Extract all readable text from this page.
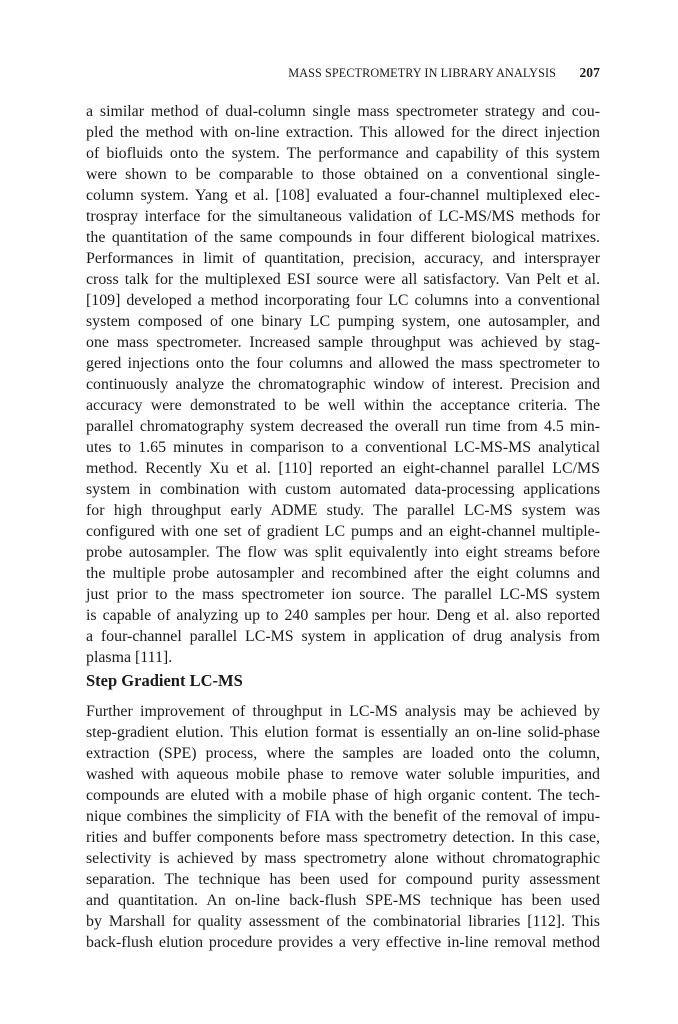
MASS SPECTROMETRY IN LIBRARY ANALYSIS 207
a similar method of dual-column single mass spectrometer strategy and cou-
pled the method with on-line extraction. This allowed for the direct injection
of biofluids onto the system. The performance and capability of this system
were shown to be comparable to those obtained on a conventional single-
column system. Yang et al. [108] evaluated a four-channel multiplexed elec-
trospray interface for the simultaneous validation of LC-MS/MS methods for
the quantitation of the same compounds in four different biological matrixes.
Performances in limit of quantitation, precision, accuracy, and intersprayer
cross talk for the multiplexed ESI source were all satisfactory. Van Pelt et al.
[109] developed a method incorporating four LC columns into a conventional
system composed of one binary LC pumping system, one autosampler, and
one mass spectrometer. Increased sample throughput was achieved by stag-
gered injections onto the four columns and allowed the mass spectrometer to
continuously analyze the chromatographic window of interest. Precision and
accuracy were demonstrated to be well within the acceptance criteria. The
parallel chromatography system decreased the overall run time from 4.5 min-
utes to 1.65 minutes in comparison to a conventional LC-MS-MS analytical
method. Recently Xu et al. [110] reported an eight-channel parallel LC/MS
system in combination with custom automated data-processing applications
for high throughput early ADME study. The parallel LC-MS system was
configured with one set of gradient LC pumps and an eight-channel multiple-
probe autosampler. The flow was split equivalently into eight streams before
the multiple probe autosampler and recombined after the eight columns and
just prior to the mass spectrometer ion source. The parallel LC-MS system
is capable of analyzing up to 240 samples per hour. Deng et al. also reported
a four-channel parallel LC-MS system in application of drug analysis from
plasma [111].
Step Gradient LC-MS
Further improvement of throughput in LC-MS analysis may be achieved by
step-gradient elution. This elution format is essentially an on-line solid-phase
extraction (SPE) process, where the samples are loaded onto the column,
washed with aqueous mobile phase to remove water soluble impurities, and
compounds are eluted with a mobile phase of high organic content. The tech-
nique combines the simplicity of FIA with the benefit of the removal of impu-
rities and buffer components before mass spectrometry detection. In this case,
selectivity is achieved by mass spectrometry alone without chromatographic
separation. The technique has been used for compound purity assessment
and quantitation. An on-line back-flush SPE-MS technique has been used
by Marshall for quality assessment of the combinatorial libraries [112]. This
back-flush elution procedure provides a very effective in-line removal method
